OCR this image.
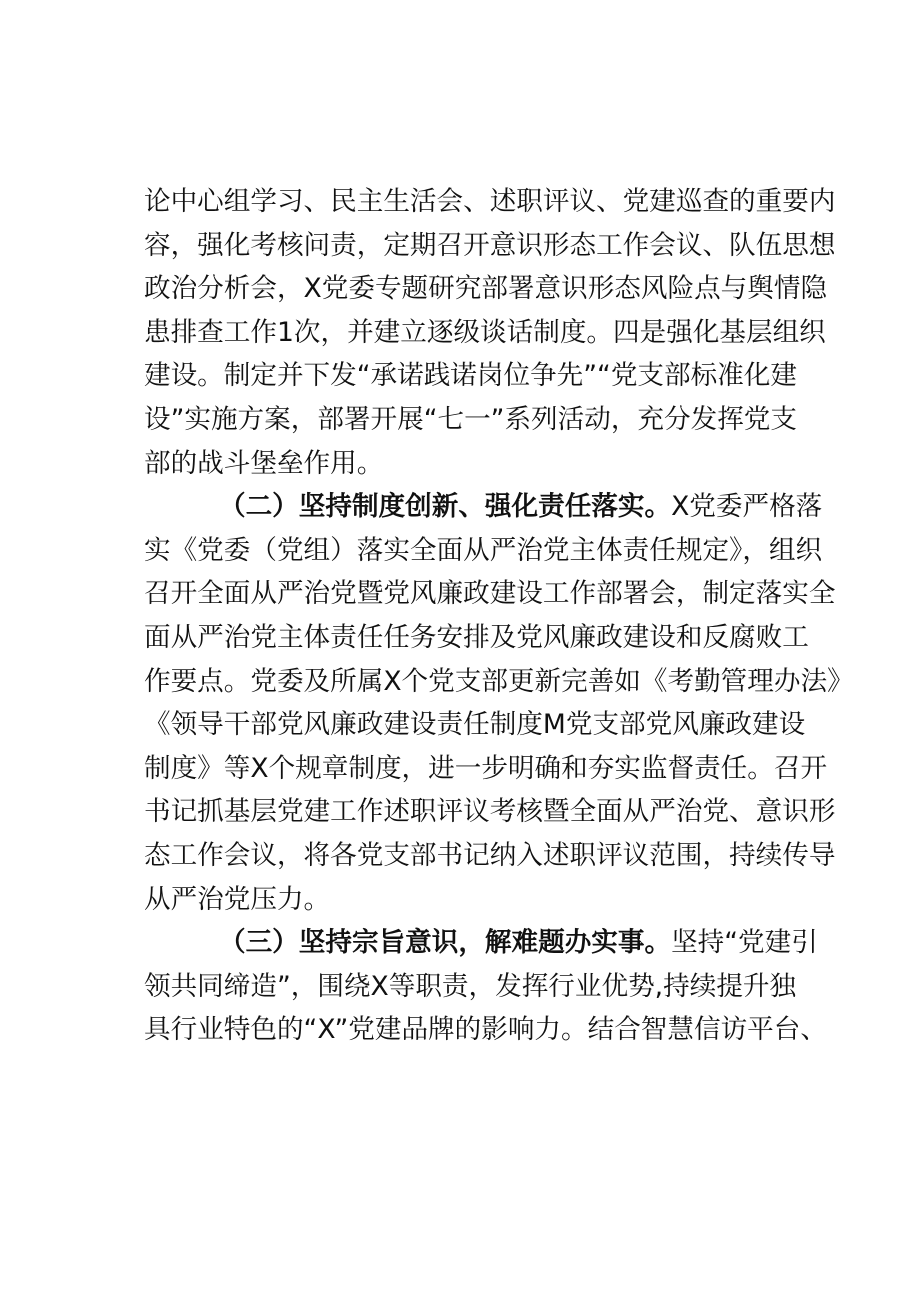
论中心组学习、民主生活会、述职评议、党建巡查的重要内
容，强化考核问责，定期召开意识形态工作会议、队伍思想
政治分析会，X党委专题研究部署意识形态风险点与舆情隐
患排查工作1次，并建立逐级谈话制度。四是强化基层组织
建设。制定并下发“承诺践诺岗位争先”“党支部标准化建
设”实施方案，部署开展“七一”系列活动，充分发挥党支
部的战斗堡垒作用。
（二）坚持制度创新、强化责任落实。X党委严格落
实《党委（党组）落实全面从严治党主体责任规定》，组织
召开全面从严治党暨党风廉政建设工作部署会，制定落实全
面从严治党主体责任任务安排及党风廉政建设和反腐败工
作要点。党委及所属X个党支部更新完善如《考勤管理办法》
《领导干部党风廉政建设责任制度M党支部党风廉政建设
制度》等X个规章制度，进一步明确和夯实监督责任。召开
书记抓基层党建工作述职评议考核暨全面从严治党、意识形
态工作会议，将各党支部书记纳入述职评议范围，持续传导
从严治党压力。
（三）坚持宗旨意识，解难题办实事。坚持“党建引
领共同缔造”，围绕X等职责，发挥行业优势,持续提升独
具行业特色的“X”党建品牌的影响力。结合智慧信访平台、
